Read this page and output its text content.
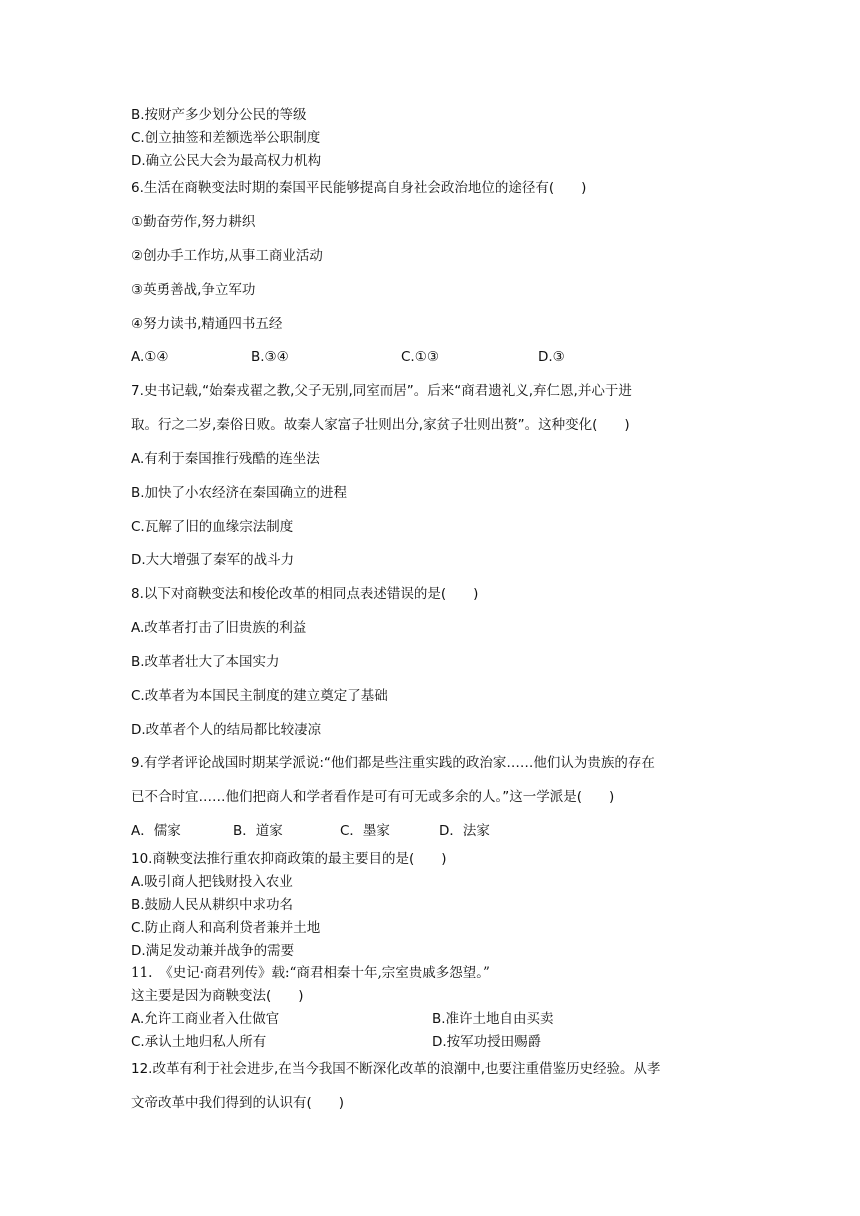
B.按财产多少划分公民的等级
C.创立抽签和差额选举公职制度
D.确立公民大会为最高权力机构
6.生活在商鞅变法时期的秦国平民能够提高自身社会政治地位的途径有(　　)
①勤奋劳作,努力耕织
②创办手工作坊,从事工商业活动
③英勇善战,争立军功
④努力读书,精通四书五经
A.①④	B.③④	C.①③	D.③
7.史书记载,“始秦戎翟之教,父子无别,同室而居”。后来“商君遗礼义,弃仁恩,并心于进
取。行之二岁,秦俗日败。故秦人家富子壮则出分,家贫子壮则出赘”。这种变化(　　)
A.有利于秦国推行残酷的连坐法
B.加快了小农经济在秦国确立的进程
C.瓦解了旧的血缘宗法制度
D.大大增强了秦军的战斗力
8.以下对商鞅变法和梭伦改革的相同点表述错误的是(　　)
A.改革者打击了旧贵族的利益
B.改革者壮大了本国实力
C.改革者为本国民主制度的建立奠定了基础
D.改革者个人的结局都比较凄凉
9.有学者评论战国时期某学派说:“他们都是些注重实践的政治家……他们认为贵族的存在
已不合时宜……他们把商人和学者看作是可有可无或多余的人。”这一学派是(　　)
A．儒家	B．道家	C．墨家	D．法家
10.商鞅变法推行重农抑商政策的最主要目的是(　　)
A.吸引商人把钱财投入农业
B.鼓励人民从耕织中求功名
C.防止商人和高利贷者兼并土地
D.满足发动兼并战争的需要
11.　《史记·商君列传》载:“商君相秦十年,宗室贵戚多怨望。”
这主要是因为商鞅变法(　　)
A.允许工商业者入仕做官	B.准许土地自由买卖
C.承认土地归私人所有	D.按军功授田赐爵
12.改革有利于社会进步,在当今我国不断深化改革的浪潮中,也要注重借鉴历史经验。从孝
文帝改革中我们得到的认识有(　　)
